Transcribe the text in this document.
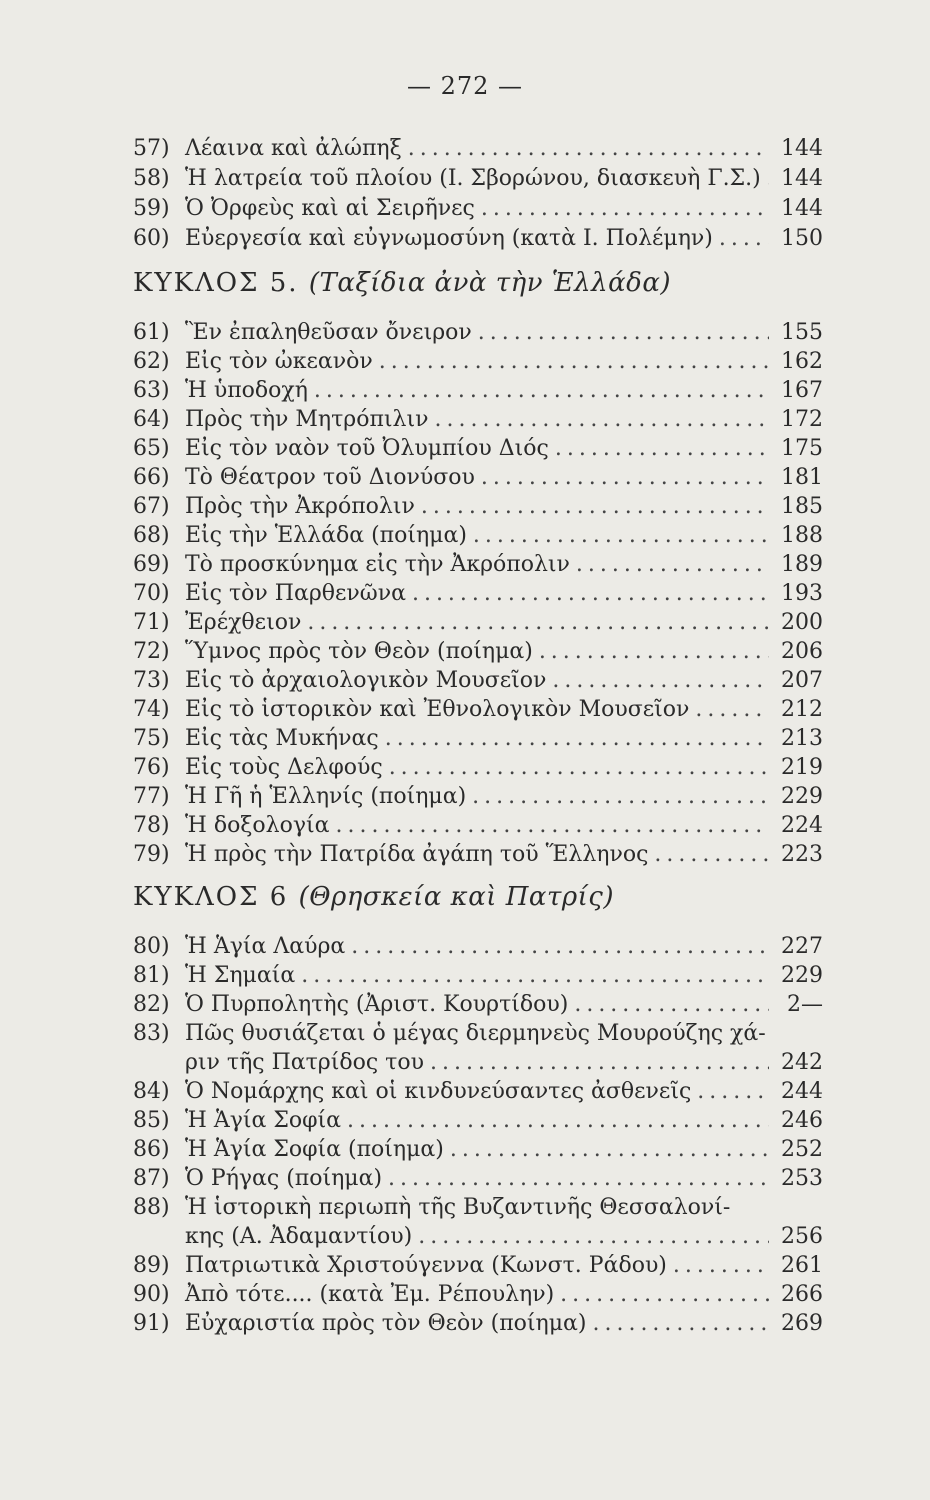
— 272 —
57) Λέαινα καὶ ἀλώπηξ .....	144
58) Ἡ λατρεία τοῦ πλοίου (Ι. Σβορώνου, διασκευὴ Γ.Σ.) ..... 144
59) Ὁ Ὀρφεὺς καὶ αἱ Σειρῆνες .....	144
60) Εὐεργεσία καὶ εὐγνωμοσύνη (κατὰ Ι. Πολέμην) .....	150
ΚΥΚΛΟΣ 5. (Ταξίδια ἀνὰ τὴν Ἑλλάδα)
61) Ἓν ἐπαληθεῦσαν ὄνειρον .....	155
62) Εἰς τὸν ὠκεανὸν .....	162
63) Ἡ ὑποδοχή .....	167
64) Πρὸς τὴν Μητρόπιλιν .....	172
65) Εἰς τὸν ναὸν τοῦ Ὀλυμπίου Διός .....	175
66) Τὸ Θέατρον τοῦ Διονύσου .....	181
67) Πρὸς τὴν Ἀκρόπολιν .....	185
68) Εἰς τὴν Ἑλλάδα (ποίημα) .....	188
69) Τὸ προσκύνημα εἰς τὴν Ἀκρόπολιν .....	189
70) Εἰς τὸν Παρθενῶνα .....	193
71) Ἐρέχθειον .....	200
72) Ὕμνος πρὸς τὸν Θεὸν (ποίημα) .....	206
73) Εἰς τὸ ἀρχαιολογικὸν Μουσεῖον .....	207
74) Εἰς τὸ ἱστορικὸν καὶ Ἐθνολογικὸν Μουσεῖον .....	212
75) Εἰς τὰς Μυκήνας .....	213
76) Εἰς τοὺς Δελφούς .....	219
77) Ἡ Γῆ ἡ Ἑλληνίς (ποίημα) .....	229
78) Ἡ δοξολογία .....	224
79) Ἡ πρὸς τὴν Πατρίδα ἀγάπη τοῦ Ἕλληνος .....	223
ΚΥΚΛΟΣ 6 (Θρησκεία καὶ Πατρίς)
80) Ἡ Ἁγία Λαύρα .....	227
81) Ἡ Σημαία .....	229
82) Ὁ Πυρπολητὴς (Ἀριστ. Κουρτίδου) .....	2—
83) Πῶς θυσιάζεται ὁ μέγας διερμηνεὺς Μουρούζης χά-
ριν τῆς Πατρίδος του .....	242
84) Ὁ Νομάρχης καὶ οἱ κινδυνεύσαντες ἀσθενεῖς .....	244
85) Ἡ Ἁγία Σοφία .....	246
86) Ἡ Ἁγία Σοφία (ποίημα) .....	252
87) Ὁ Ρήγας (ποίημα) .....	253
88) Ἡ ἱστορικὴ περιωπὴ τῆς Βυζαντινῆς Θεσσαλονί-
κης (Α. Ἀδαμαντίου) .....	256
89) Πατριωτικὰ Χριστούγεννα (Κωνστ. Ράδου) .....	261
90) Ἀπὸ τότε.... (κατὰ Ἐμ. Ρέπουλην) .....	266
91) Εὐχαριστία πρὸς τὸν Θεὸν (ποίημα) .....	269
